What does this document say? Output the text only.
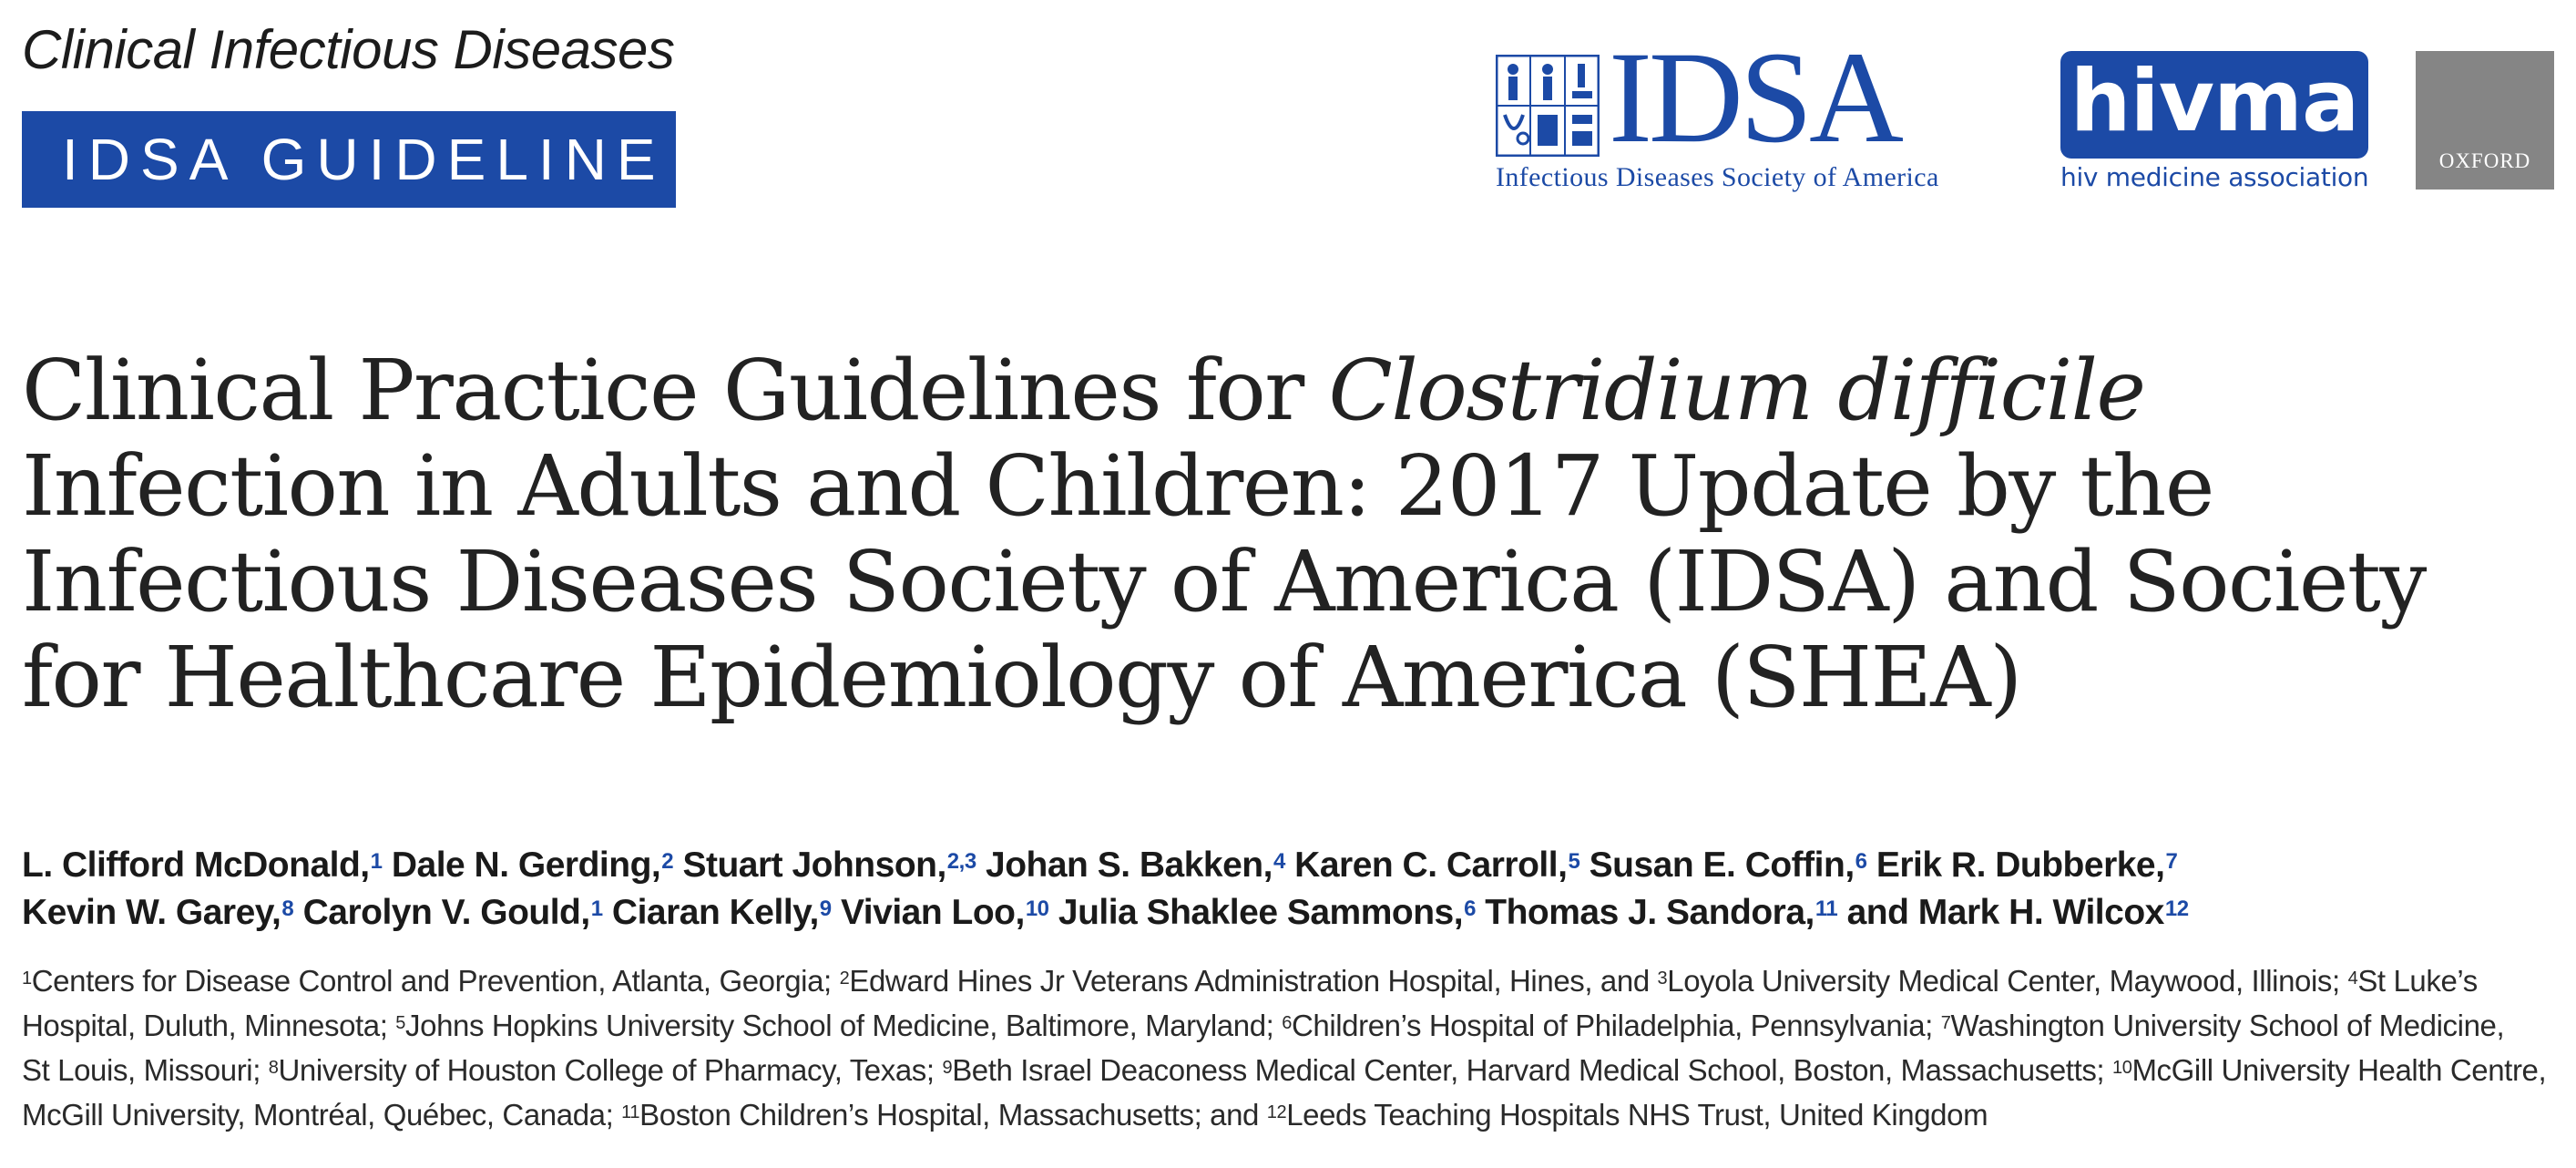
Clinical Infectious Diseases
IDSA GUIDELINE	IDSA
Infectious Diseases Society of America
hivma
hiv medicine association
OXFORD
Clinical Practice Guidelines for Clostridium difficile
Infection in Adults and Children: 2017 Update by the
Infectious Diseases Society of America (IDSA) and Society
for Healthcare Epidemiology of America (SHEA)
L. Clifford McDonald,$^1$ Dale N. Gerding,$^2$ Stuart Johnson,$^{2,3}$ Johan S. Bakken,$^4$ Karen C. Carroll,$^5$ Susan E. Coffin,$^6$ Erik R. Dubberke,$^7$
Kevin W. Garey,$^8$ Carolyn V. Gould,$^1$ Ciaran Kelly,$^9$ Vivian Loo,$^{10}$ Julia Shaklee Sammons,$^6$ Thomas J. Sandora,$^{11}$ and Mark H. Wilcox$^{12}$
$^1$Centers for Disease Control and Prevention, Atlanta, Georgia; $^2$Edward Hines Jr Veterans Administration Hospital, Hines, and $^3$Loyola University Medical Center, Maywood, Illinois; $^4$St Luke’s
Hospital, Duluth, Minnesota; $^5$Johns Hopkins University School of Medicine, Baltimore, Maryland; $^6$Children’s Hospital of Philadelphia, Pennsylvania; $^7$Washington University School of Medicine,
St Louis, Missouri; $^8$University of Houston College of Pharmacy, Texas; $^9$Beth Israel Deaconess Medical Center, Harvard Medical School, Boston, Massachusetts; $^{10}$McGill University Health Centre,
McGill University, Montréal, Québec, Canada; $^{11}$Boston Children’s Hospital, Massachusetts; and $^{12}$Leeds Teaching Hospitals NHS Trust, United Kingdom
